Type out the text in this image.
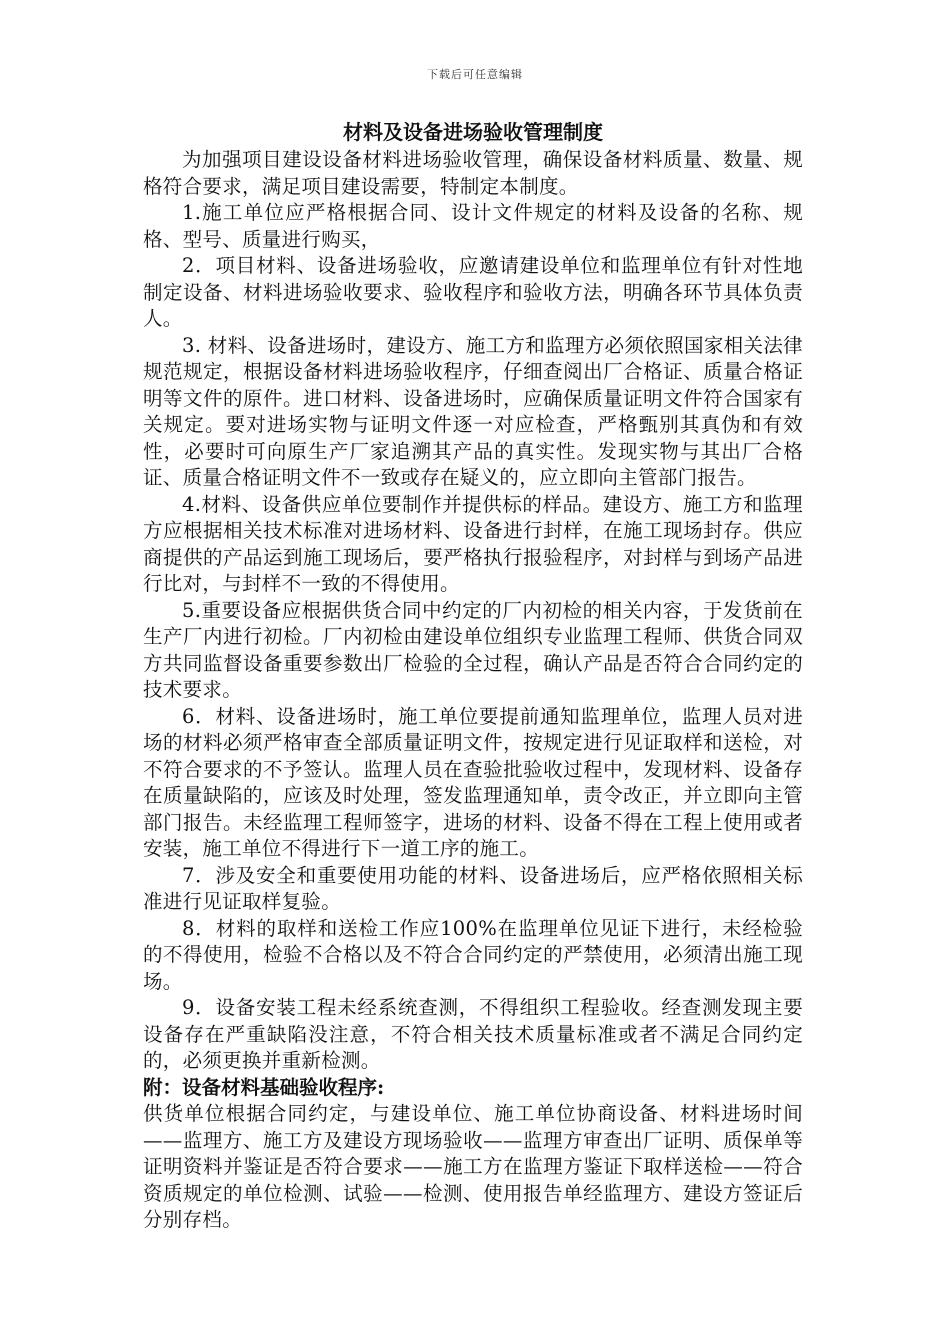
下载后可任意编辑
材料及设备进场验收管理制度

为加强项目建设设备材料进场验收管理，确保设备材料质量、数量、规格符合要求，满足项目建设需要，特制定本制度。

1.施工单位应严格根据合同、设计文件规定的材料及设备的名称、规格、型号、质量进行购买，

2．项目材料、设备进场验收，应邀请建设单位和监理单位有针对性地制定设备、材料进场验收要求、验收程序和验收方法，明确各环节具体负责人。

3. 材料、设备进场时，建设方、施工方和监理方必须依照国家相关法律规范规定，根据设备材料进场验收程序，仔细查阅出厂合格证、质量合格证明等文件的原件。进口材料、设备进场时，应确保质量证明文件符合国家有关规定。要对进场实物与证明文件逐一对应检查，严格甄别其真伪和有效性，必要时可向原生产厂家追溯其产品的真实性。发现实物与其出厂合格证、质量合格证明文件不一致或存在疑义的，应立即向主管部门报告。

4.材料、设备供应单位要制作并提供标的样品。建设方、施工方和监理方应根据相关技术标准对进场材料、设备进行封样，在施工现场封存。供应商提供的产品运到施工现场后，要严格执行报验程序，对封样与到场产品进行比对，与封样不一致的不得使用。

5.重要设备应根据供货合同中约定的厂内初检的相关内容，于发货前在生产厂内进行初检。厂内初检由建设单位组织专业监理工程师、供货合同双方共同监督设备重要参数出厂检验的全过程，确认产品是否符合合同约定的技术要求。

6．材料、设备进场时，施工单位要提前通知监理单位，监理人员对进场的材料必须严格审查全部质量证明文件，按规定进行见证取样和送检，对不符合要求的不予签认。监理人员在查验批验收过程中，发现材料、设备存在质量缺陷的，应该及时处理，签发监理通知单，责令改正，并立即向主管部门报告。未经监理工程师签字，进场的材料、设备不得在工程上使用或者安装，施工单位不得进行下一道工序的施工。

7．涉及安全和重要使用功能的材料、设备进场后，应严格依照相关标准进行见证取样复验。

8．材料的取样和送检工作应100%在监理单位见证下进行，未经检验的不得使用，检验不合格以及不符合合同约定的严禁使用，必须清出施工现场。

9．设备安装工程未经系统查测，不得组织工程验收。经查测发现主要设备存在严重缺陷没注意，不符合相关技术质量标准或者不满足合同约定的，必须更换并重新检测。

附：设备材料基础验收程序:

供货单位根据合同约定，与建设单位、施工单位协商设备、材料进场时间——监理方、施工方及建设方现场验收——监理方审查出厂证明、质保单等证明资料并鉴证是否符合要求——施工方在监理方鉴证下取样送检——符合资质规定的单位检测、试验——检测、使用报告单经监理方、建设方签证后分别存档。
